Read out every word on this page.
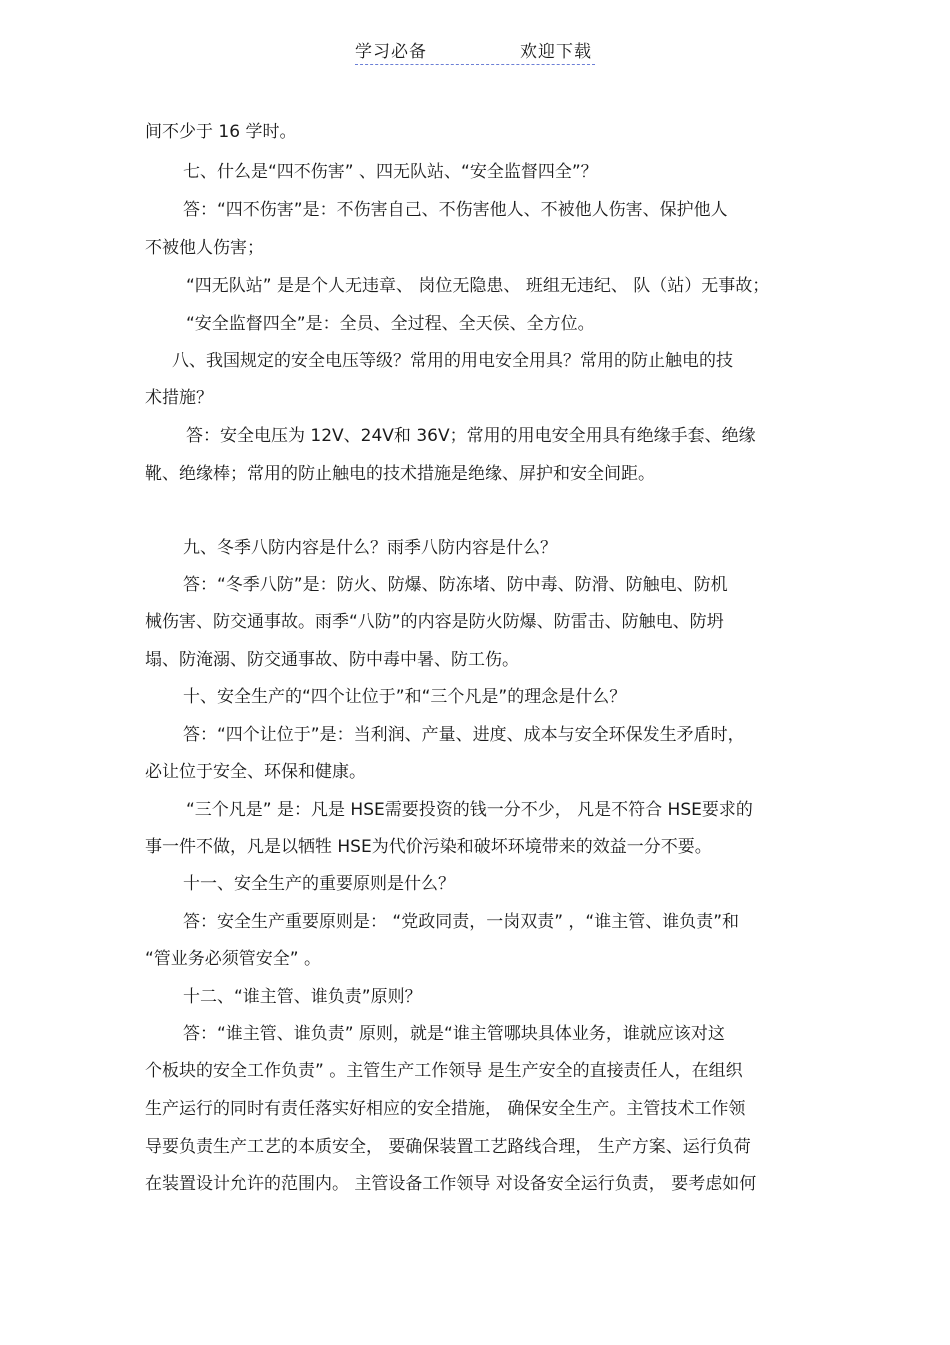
学习必备	欢迎下载
间不少于 16 学时。
七、什么是“四不伤害” 、四无队站、“安全监督四全”？
答：“四不伤害”是：不伤害自己、不伤害他人、不被他人伤害、保护他人
不被他人伤害；
“四无队站” 是是个人无违章、 岗位无隐患、 班组无违纪、 队（站）无事故；
“安全监督四全”是：全员、全过程、全天侯、全方位。
八、我国规定的安全电压等级？常用的用电安全用具？常用的防止触电的技
术措施？
答：安全电压为 12V、24V和 36V；常用的用电安全用具有绝缘手套、绝缘
靴、绝缘棒；常用的防止触电的技术措施是绝缘、屏护和安全间距。
九、冬季八防内容是什么？雨季八防内容是什么？
答：“冬季八防”是：防火、防爆、防冻堵、防中毒、防滑、防触电、防机
械伤害、防交通事故。雨季“八防”的内容是防火防爆、防雷击、防触电、防坍
塌、防淹溺、防交通事故、防中毒中暑、防工伤。
十、安全生产的“四个让位于”和“三个凡是”的理念是什么？
答：“四个让位于”是：当利润、产量、进度、成本与安全环保发生矛盾时，
必让位于安全、环保和健康。
“三个凡是” 是：凡是 HSE需要投资的钱一分不少， 凡是不符合 HSE要求的
事一件不做，凡是以牺牲 HSE为代价污染和破坏环境带来的效益一分不要。
十一、安全生产的重要原则是什么？
答：安全生产重要原则是： “党政同责，一岗双责” ，“谁主管、谁负责”和
“管业务必须管安全” 。
十二、“谁主管、谁负责”原则？
答：“谁主管、谁负责” 原则，就是“谁主管哪块具体业务，谁就应该对这
个板块的安全工作负责” 。主管生产工作领导 是生产安全的直接责任人，在组织
生产运行的同时有责任落实好相应的安全措施， 确保安全生产。主管技术工作领
导要负责生产工艺的本质安全， 要确保装置工艺路线合理， 生产方案、运行负荷
在装置设计允许的范围内。 主管设备工作领导 对设备安全运行负责， 要考虑如何
